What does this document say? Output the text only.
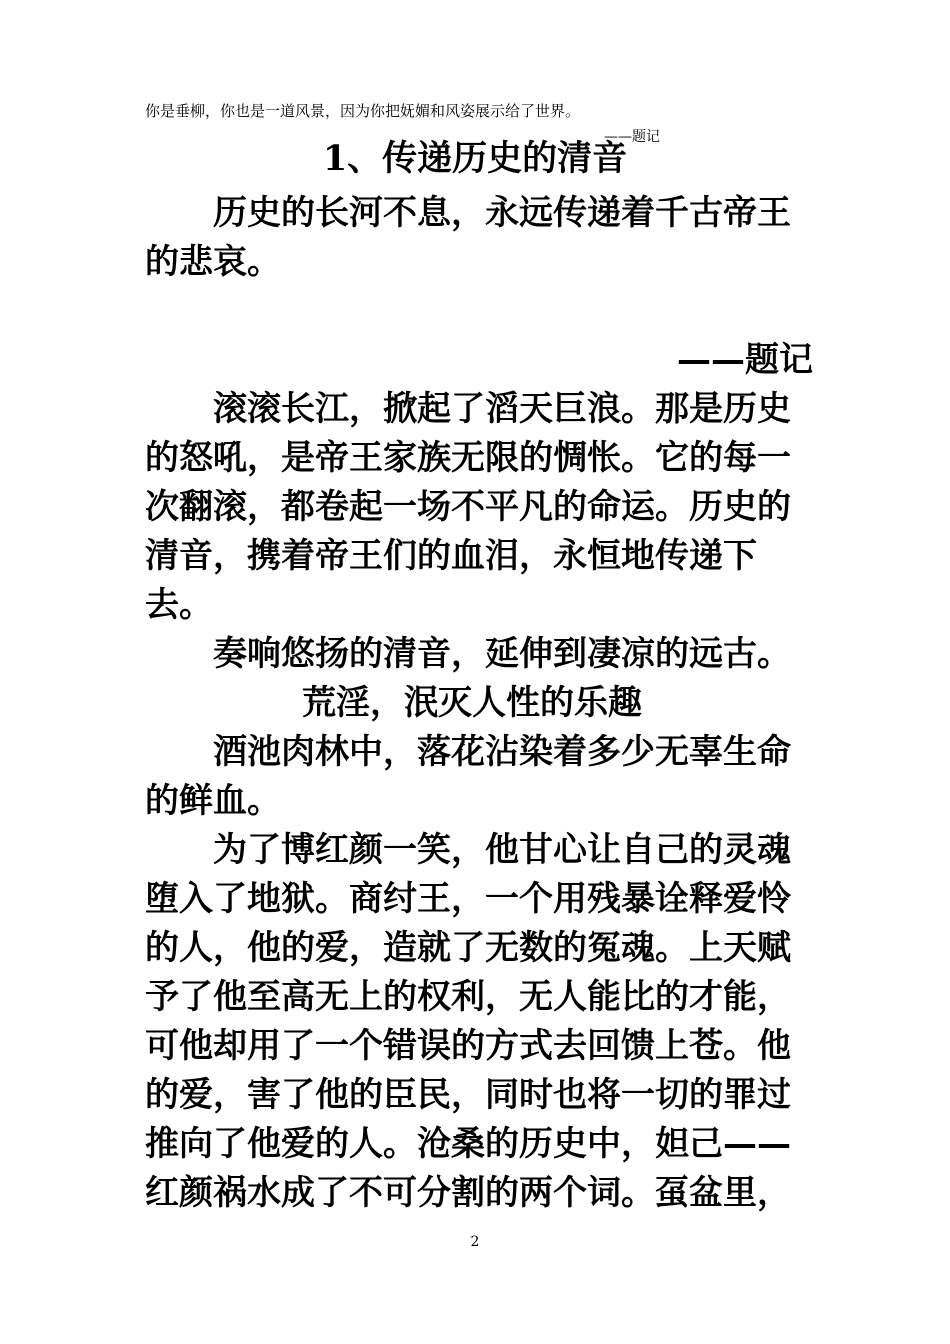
你是垂柳，你也是一道风景，因为你把妩媚和风姿展示给了世界。
——题记
1、传递历史的清音

历史的长河不息，永远传递着千古帝王的悲哀。

——题记

滚滚长江，掀起了滔天巨浪。那是历史的怒吼，是帝王家族无限的惆怅。它的每一次翻滚，都卷起一场不平凡的命运。历史的清音，携着帝王们的血泪，永恒地传递下去。

奏响悠扬的清音，延伸到凄凉的远古。

荒淫，泯灭人性的乐趣

酒池肉林中，落花沾染着多少无辜生命的鲜血。

为了博红颜一笑，他甘心让自己的灵魂堕入了地狱。商纣王，一个用残暴诠释爱怜的人，他的爱，造就了无数的冤魂。上天赋予了他至高无上的权利，无人能比的才能，可他却用了一个错误的方式去回馈上苍。他的爱，害了他的臣民，同时也将一切的罪过推向了他爱的人。沧桑的历史中，妲己——红颜祸水成了不可分割的两个词。虿盆里，

2
